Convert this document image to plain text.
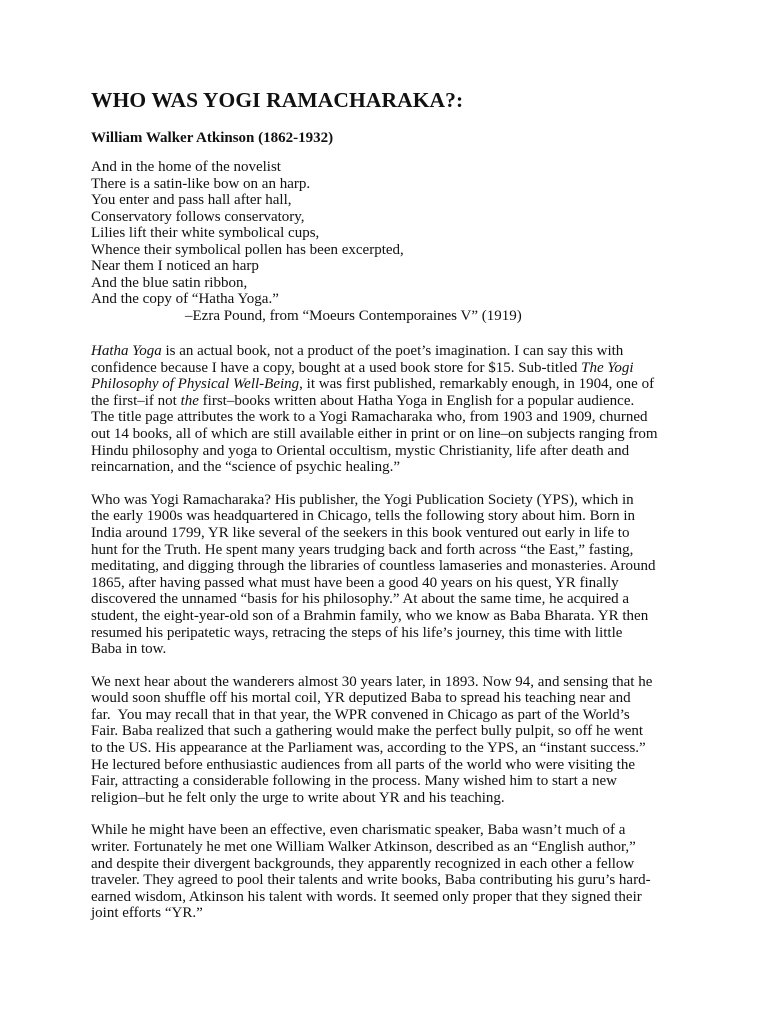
WHO WAS YOGI RAMACHARAKA?:

William Walker Atkinson (1862-1932)

And in the home of the novelist
There is a satin-like bow on an harp.
You enter and pass hall after hall,
Conservatory follows conservatory,
Lilies lift their white symbolical cups,
Whence their symbolical pollen has been excerpted,
Near them I noticed an harp
And the blue satin ribbon,
And the copy of “Hatha Yoga.”
–Ezra Pound, from “Moeurs Contemporaines V” (1919)
Hatha Yoga is an actual book, not a product of the poet’s imagination. I can say this with
confidence because I have a copy, bought at a used book store for $15. Sub-titled The Yogi
Philosophy of Physical Well-Being, it was first published, remarkably enough, in 1904, one of
the first–if not the first–books written about Hatha Yoga in English for a popular audience.
The title page attributes the work to a Yogi Ramacharaka who, from 1903 and 1909, churned
out 14 books, all of which are still available either in print or on line–on subjects ranging from
Hindu philosophy and yoga to Oriental occultism, mystic Christianity, life after death and
reincarnation, and the “science of psychic healing.”
Who was Yogi Ramacharaka? His publisher, the Yogi Publication Society (YPS), which in
the early 1900s was headquartered in Chicago, tells the following story about him. Born in
India around 1799, YR like several of the seekers in this book ventured out early in life to
hunt for the Truth. He spent many years trudging back and forth across “the East,” fasting,
meditating, and digging through the libraries of countless lamaseries and monasteries. Around
1865, after having passed what must have been a good 40 years on his quest, YR finally
discovered the unnamed “basis for his philosophy.” At about the same time, he acquired a
student, the eight-year-old son of a Brahmin family, who we know as Baba Bharata. YR then
resumed his peripatetic ways, retracing the steps of his life’s journey, this time with little
Baba in tow.
We next hear about the wanderers almost 30 years later, in 1893. Now 94, and sensing that he
would soon shuffle off his mortal coil, YR deputized Baba to spread his teaching near and
far.  You may recall that in that year, the WPR convened in Chicago as part of the World’s
Fair. Baba realized that such a gathering would make the perfect bully pulpit, so off he went
to the US. His appearance at the Parliament was, according to the YPS, an “instant success.”
He lectured before enthusiastic audiences from all parts of the world who were visiting the
Fair, attracting a considerable following in the process. Many wished him to start a new
religion–but he felt only the urge to write about YR and his teaching.
While he might have been an effective, even charismatic speaker, Baba wasn’t much of a
writer. Fortunately he met one William Walker Atkinson, described as an “English author,”
and despite their divergent backgrounds, they apparently recognized in each other a fellow
traveler. They agreed to pool their talents and write books, Baba contributing his guru’s hard-
earned wisdom, Atkinson his talent with words. It seemed only proper that they signed their
joint efforts “YR.”
